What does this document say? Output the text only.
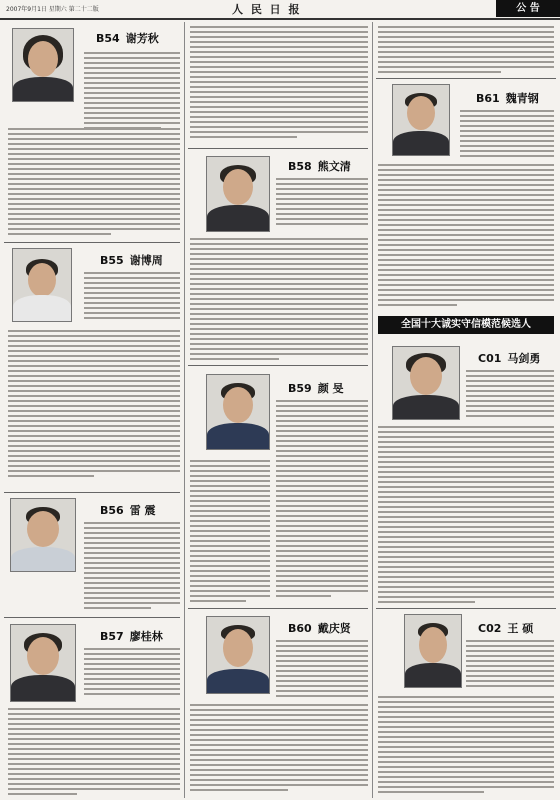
2007年9月1日 星期六 第二十二版	人 民 日 报	公 告
B54 谢芳秋
B55 谢博周
B56 雷 震
B57 廖桂林
B58 熊文清
B59 颜 旻
B60 戴庆贤
B61 魏青钢
全国十大诚实守信模范候选人
C01 马剑勇
C02 王 硕
